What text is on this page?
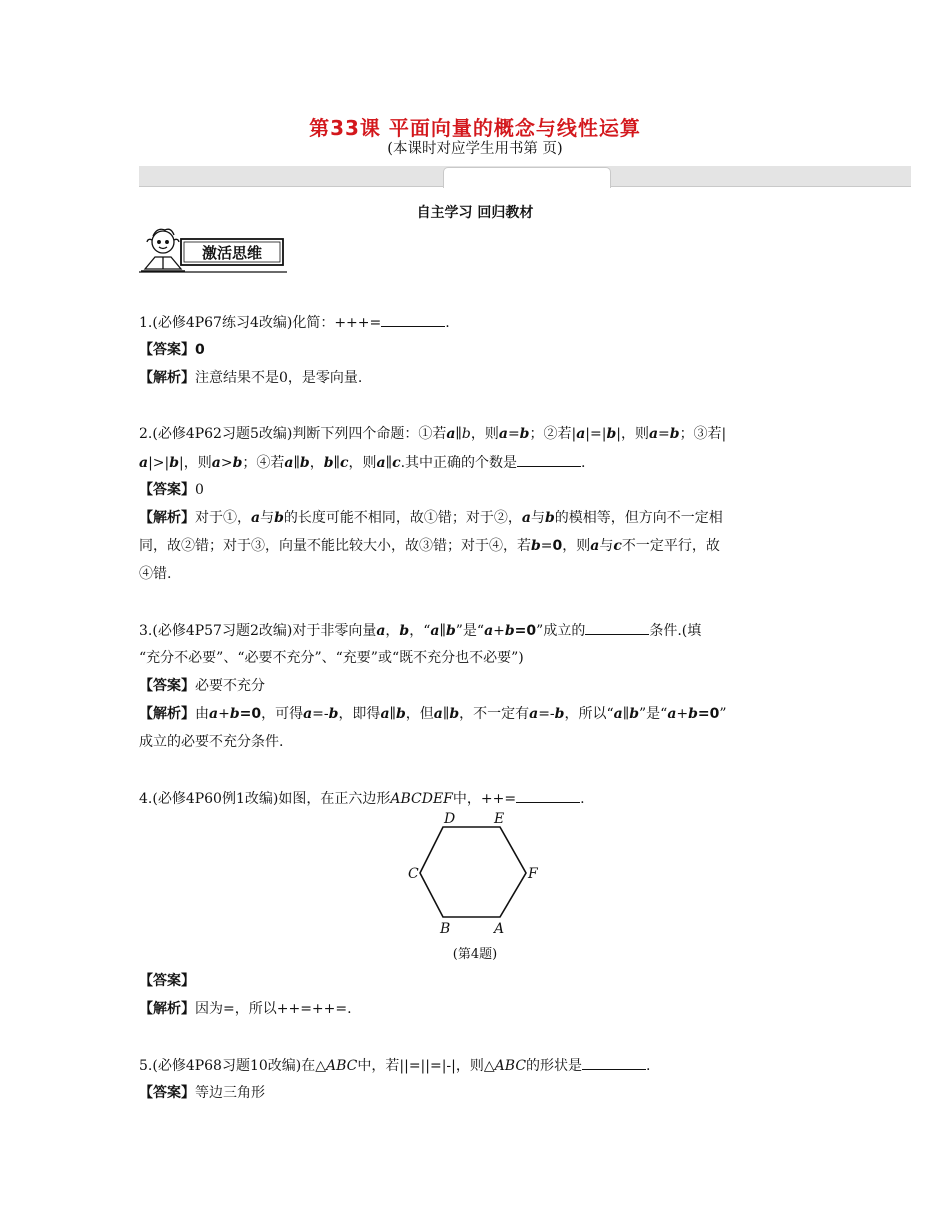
第33课 平面向量的概念与线性运算
(本课时对应学生用书第 页)
自主学习 回归教材
激活思维
1.(必修4P67练习4改编)化简：+++=	.
【答案】0
【解析】注意结果不是0，是零向量.
2.(必修4P62习题5改编)判断下列四个命题：①若a∥b，则a=b；②若|a|=|b|，则a=b；③若|
a|>|b|，则a>b；④若a∥b，b∥c，则a∥c.其中正确的个数是	.
【答案】0
【解析】对于①，a与b的长度可能不相同，故①错；对于②，a与b的模相等，但方向不一定相
同，故②错；对于③，向量不能比较大小，故③错；对于④，若b=0，则a与c不一定平行，故
④错.
3.(必修4P57习题2改编)对于非零向量a，b，“a∥b”是“a+b=0”成立的	条件.(填
“充分不必要”、“必要不充分”、“充要”或“既不充分也不必要”)
【答案】必要不充分
【解析】由a+b=0，可得a=-b，即得a∥b，但a∥b，不一定有a=-b，所以“a∥b”是“a+b=0”
成立的必要不充分条件.
4.(必修4P60例1改编)如图，在正六边形ABCDEF中，++=	.
D	E
C	F
B	A
(第4题)
【答案】
【解析】因为=，所以++=++=.
5.(必修4P68习题10改编)在△ABC中，若||=||=|-|，则△ABC的形状是	.
【答案】等边三角形
